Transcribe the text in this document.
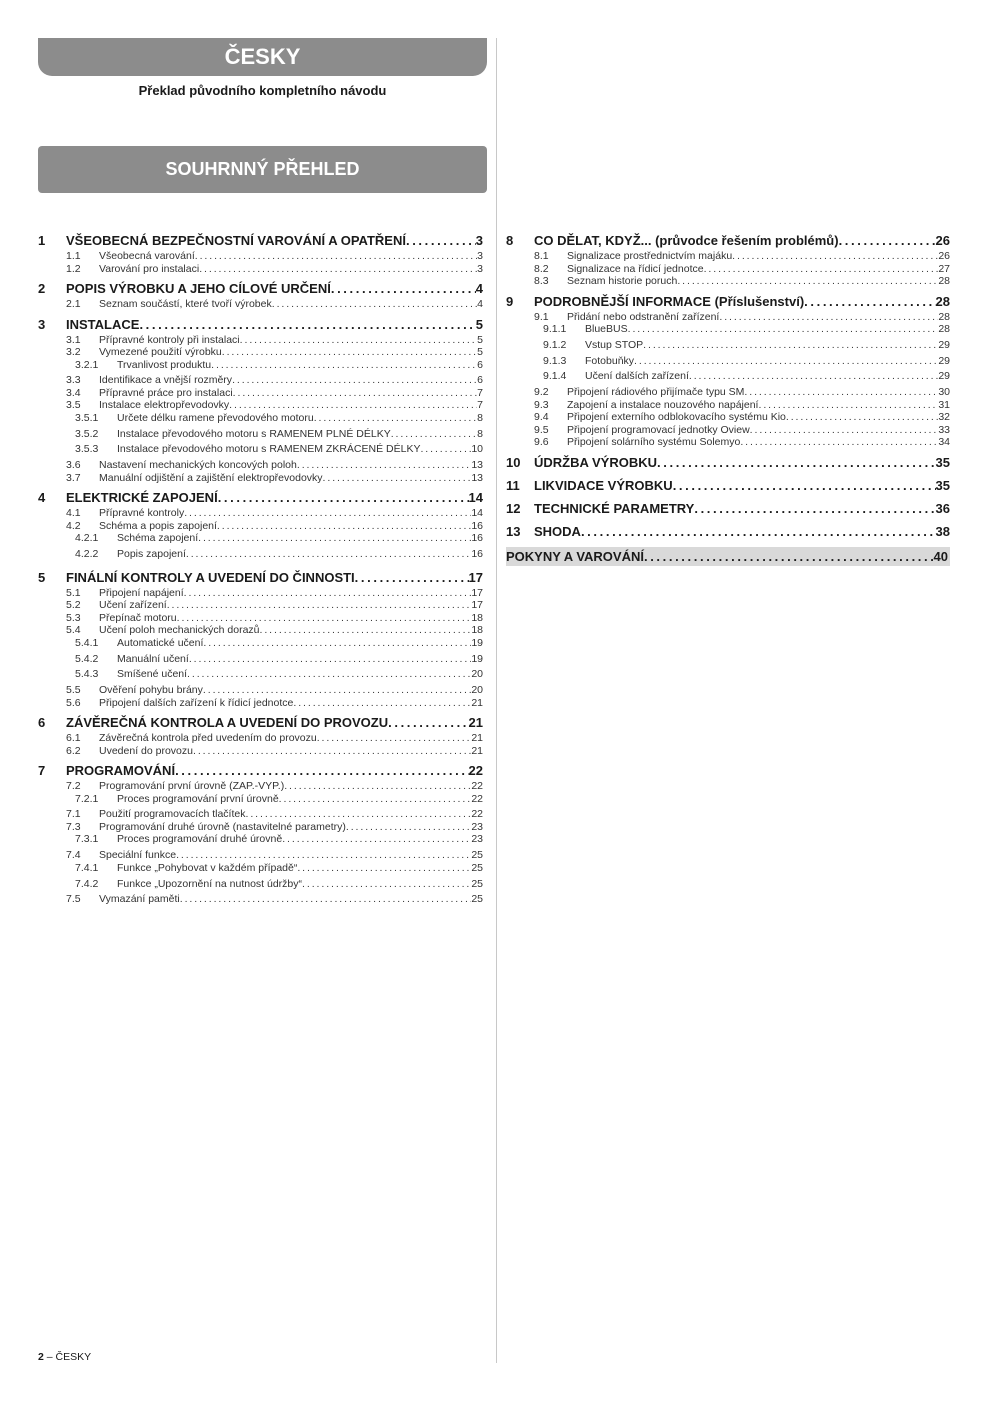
ČESKY
Překlad původního kompletního návodu
SOUHRNNÝ PŘEHLED
1	VŠEOBECNÁ BEZPEČNOSTNÍ VAROVÁNÍ A OPATŘENÍ . . .	3
1.1	Všeobecná varování . . .	3
1.2	Varování pro instalaci . . .	3
2	POPIS VÝROBKU A JEHO CÍLOVÉ URČENÍ . . .	4
2.1	Seznam součástí, které tvoří výrobek . . .	4
3	INSTALACE . . .	5
3.1	Přípravné kontroly při instalaci . . .	5
3.2	Vymezené použití výrobku . . .	5
3.2.1	Trvanlivost produktu . . .	6
3.3	Identifikace a vnější rozměry . . .	6
3.4	Přípravné práce pro instalaci . . .	7
3.5	Instalace elektropřevodovky . . .	7
3.5.1	Určete délku ramene převodového motoru . . .	8
3.5.2	Instalace převodového motoru s RAMENEM PLNÉ DÉLKY . . .	8
3.5.3	Instalace převodového motoru s RAMENEM ZKRÁCENÉ DÉLKY . . .	10
3.6	Nastavení mechanických koncových poloh . . .	13
3.7	Manuální odjištění a zajištění elektropřevodovky . . .	13
4	ELEKTRICKÉ ZAPOJENÍ . . .	14
4.1	Přípravné kontroly . . .	14
4.2	Schéma a popis zapojení . . .	16
4.2.1	Schéma zapojení . . .	16
4.2.2	Popis zapojení . . .	16
5	FINÁLNÍ KONTROLY A UVEDENÍ DO ČINNOSTI . . .	17
5.1	Připojení napájení . . .	17
5.2	Učení zařízení . . .	17
5.3	Přepínač motoru . . .	18
5.4	Učení poloh mechanických dorazů . . .	18
5.4.1	Automatické učení . . .	19
5.4.2	Manuální učení . . .	19
5.4.3	Smíšené učení . . .	20
5.5	Ověření pohybu brány . . .	20
5.6	Připojení dalších zařízení k řídicí jednotce . . .	21
6	ZÁVĚREČNÁ KONTROLA A UVEDENÍ DO PROVOZU . . .	21
6.1	Závěrečná kontrola před uvedením do provozu . . .	21
6.2	Uvedení do provozu . . .	21
7	PROGRAMOVÁNÍ . . .	22
7.2	Programování první úrovně (ZAP.-VYP.) . . .	22
7.2.1	Proces programování první úrovně . . .	22
7.1	Použití programovacích tlačítek . . .	22
7.3	Programování druhé úrovně (nastavitelné parametry) . . .	23
7.3.1	Proces programování druhé úrovně . . .	23
7.4	Speciální funkce . . .	25
7.4.1	Funkce „Pohybovat v každém případě“ . . .	25
7.4.2	Funkce „Upozornění na nutnost údržby“ . . .	25
7.5	Vymazání paměti . . .	25
8	CO DĚLAT, KDYŽ... (průvodce řešením problémů) . . .	26
8.1	Signalizace prostřednictvím majáku . . .	26
8.2	Signalizace na řídicí jednotce . . .	27
8.3	Seznam historie poruch . . .	28
9	PODROBNĚJŠÍ INFORMACE (Příslušenství) . . .	28
9.1	Přidání nebo odstranění zařízení . . .	28
9.1.1	BlueBUS . . .	28
9.1.2	Vstup STOP . . .	29
9.1.3	Fotobuňky . . .	29
9.1.4	Učení dalších zařízení . . .	29
9.2	Připojení rádiového přijímače typu SM . . .	30
9.3	Zapojení a instalace nouzového napájení . . .	31
9.4	Připojení externího odblokovacího systému Kio . . .	32
9.5	Připojení programovací jednotky Oview . . .	33
9.6	Připojení solárního systému Solemyo . . .	34
10	ÚDRŽBA VÝROBKU . . .	35
11	LIKVIDACE VÝROBKU . . .	35
12	TECHNICKÉ PARAMETRY . . .	36
13	SHODA . . .	38
POKYNY A VAROVÁNÍ . . .	40
2 – ČESKY
